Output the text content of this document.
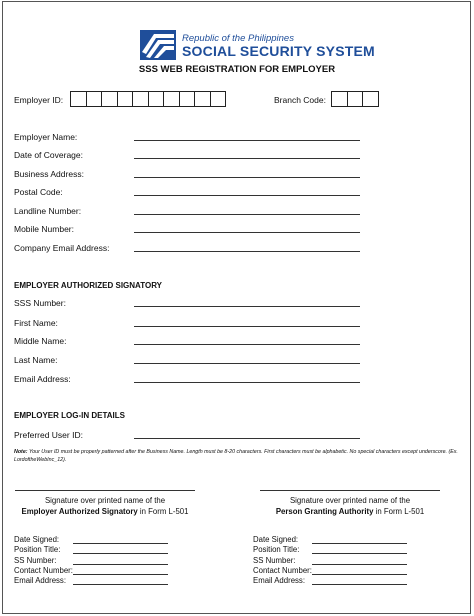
Republic of the Philippines
SOCIAL SECURITY SYSTEM
SSS WEB REGISTRATION FOR EMPLOYER
Employer ID:	Branch Code:
Employer Name:
Date of Coverage:
Business Address:
Postal Code:
Landline Number:
Mobile Number:
Company Email Address:
EMPLOYER AUTHORIZED SIGNATORY
SSS Number:
First Name:
Middle Name:
Last Name:
Email Address:
EMPLOYER LOG-IN DETAILS
Preferred User ID:
Note: Your User ID must be properly patterned after the Business Name. Length must be 8-20 characters. First characters must be alphabetic. No special characters except underscore. (Ex. LordoftheWebInc_12).
Signature over printed name of the
Employer Authorized Signatory in Form L-501
Signature over printed name of the
Person Granting Authority in Form L-501
Date Signed:
Position Title:
SS Number:
Contact Number:
Email Address:
Date Signed:
Position Title:
SS Number:
Contact Number:
Email Address:
